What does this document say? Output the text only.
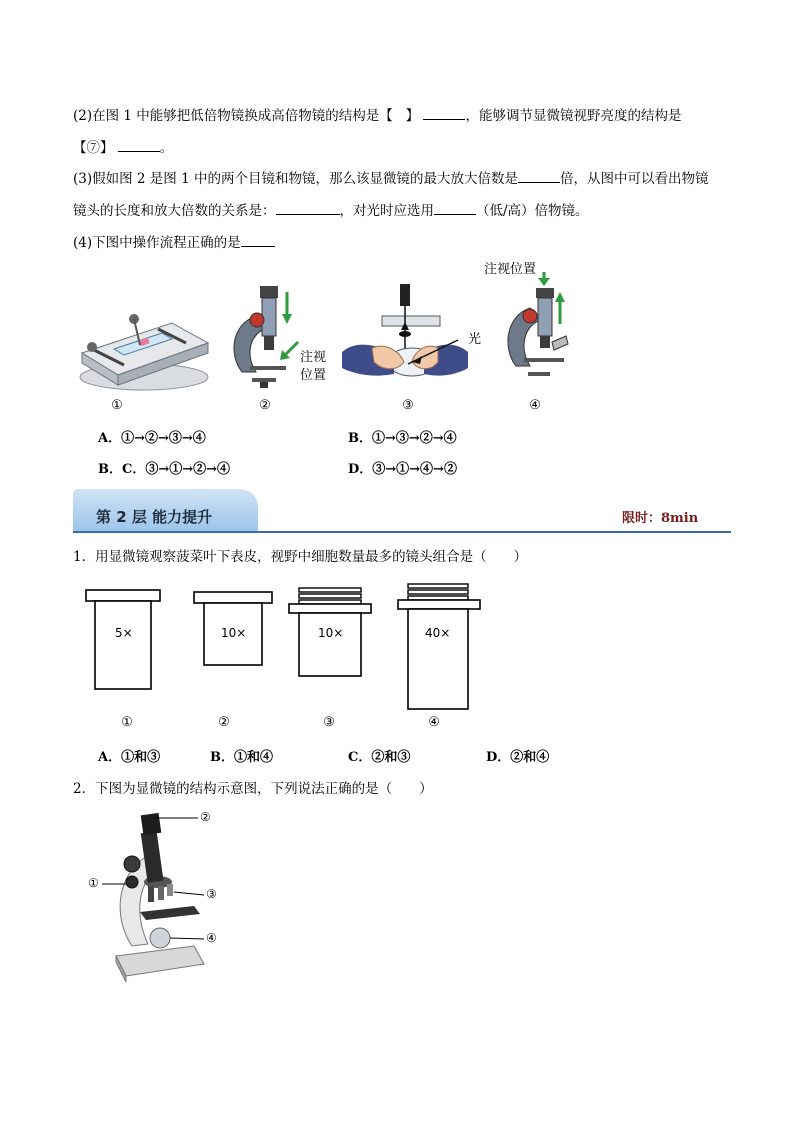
(2)在图 1 中能够把低倍物镜换成高倍物镜的结构是【 】	，能够调节显微镜视野亮度的结构是
【⑦】	。
(3)假如图 2 是图 1 中的两个目镜和物镜，那么该显微镜的最大放大倍数是	倍，从图中可以看出物镜
镜头的长度和放大倍数的关系是：	，对光时应选用	（低/高）倍物镜。
(4)下图中操作流程正确的是
①
注视
位置
②
光
③
注视位置
④
A．①→②→③→④	B．①→③→②→④
B．C．③→①→②→④	D．③→①→④→②
第 2 层 能力提升	限时：8min
1．用显微镜观察菠菜叶下表皮，视野中细胞数量最多的镜头组合是（　　）
5×	10×	10×	40×
①	②	③	④
A．①和③	B．①和④	C．②和③	D．②和④
2．下图为显微镜的结构示意图，下列说法正确的是（　　）
①
②
③
④
